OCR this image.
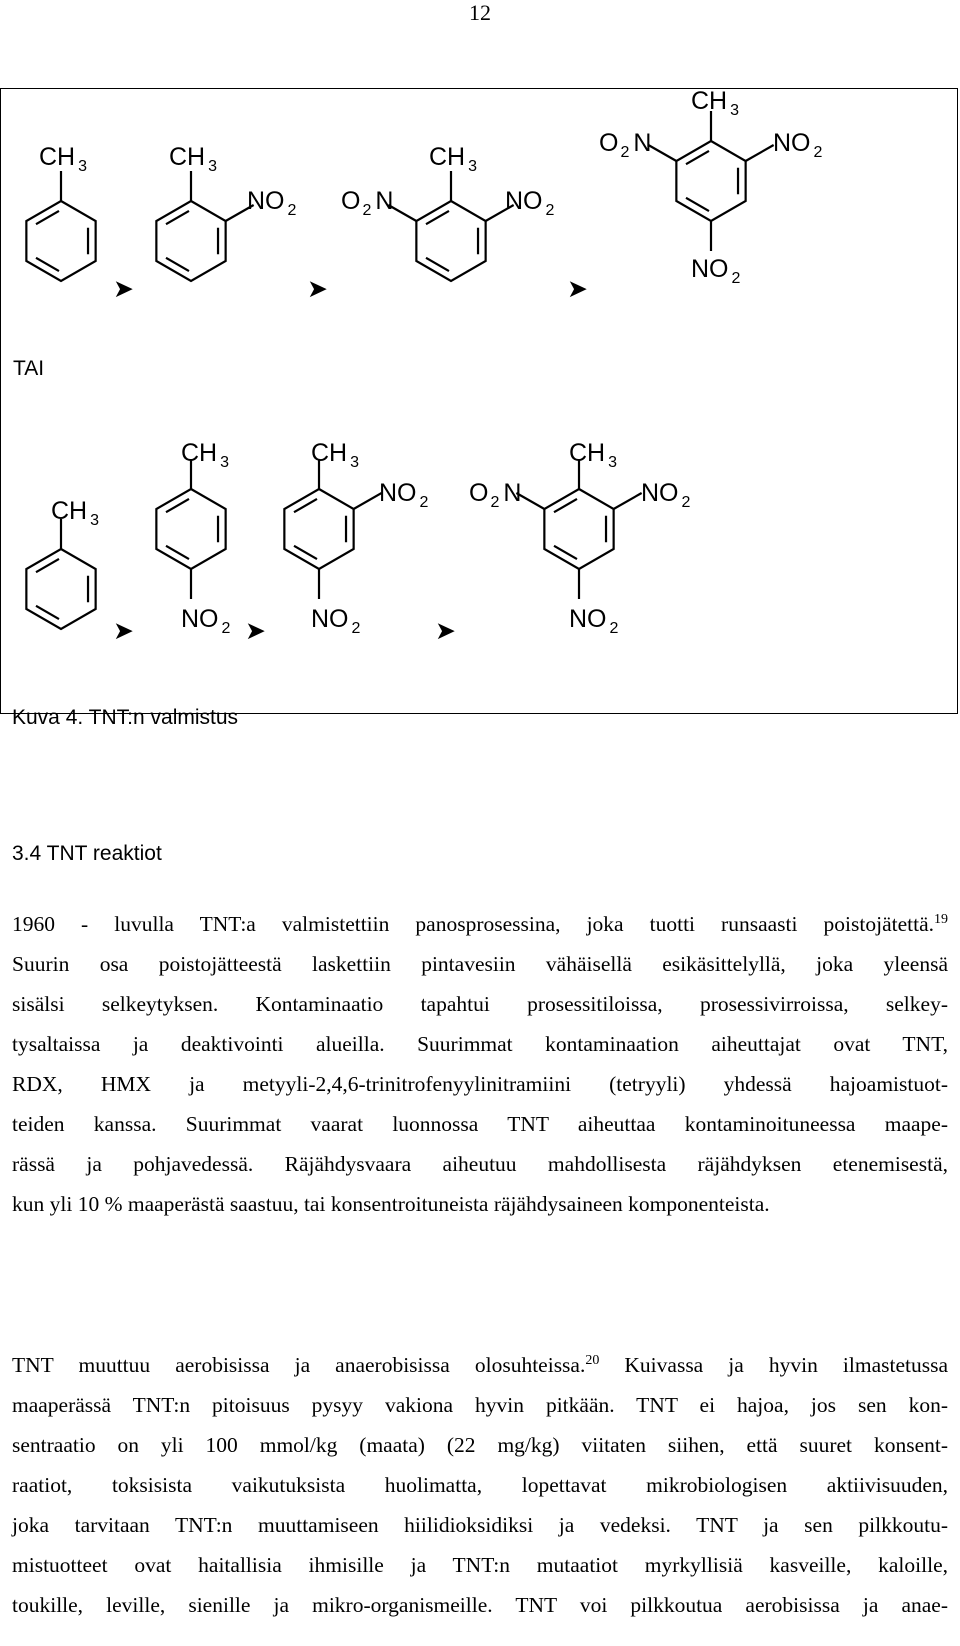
12
CH $_3$
➤
CH $_3$
NO $_2$
➤
CH $_3$
NO $_2$
O $_2$ N
➤
CH $_3$
NO $_2$
O $_2$ N
NO $_2$
CH $_3$
➤
CH $_3$
NO $_2$ ➤
CH $_3$
NO $_2$
NO $_2$	➤
CH $_3$
NO $_2$
O $_2$ N
NO $_2$
TAI
Kuva 4. TNT:n valmistus
3.4 TNT reaktiot
1960 - luvulla TNT:a valmistettiin panosprosessina, joka tuotti runsaasti poistojätettä.$^{19}$
Suurin osa poistojätteestä laskettiin pintavesiin vähäisellä esikäsittelyllä, joka yleensä
sisälsi selkeytyksen. Kontaminaatio tapahtui prosessitiloissa, prosessivirroissa, selkey-
tysaltaissa ja deaktivointi alueilla. Suurimmat kontaminaation aiheuttajat ovat TNT,
RDX, HMX ja metyyli-2,4,6-trinitrofenyylinitramiini (tetryyli) yhdessä hajoamistuot-
teiden kanssa. Suurimmat vaarat luonnossa TNT aiheuttaa kontaminoituneessa maape-
rässä ja pohjavedessä. Räjähdysvaara aiheutuu mahdollisesta räjähdyksen etenemisestä,
kun yli 10 % maaperästä saastuu, tai konsentroituneista räjähdysaineen komponenteista.
TNT muuttuu aerobisissa ja anaerobisissa olosuhteissa.$^{20}$ Kuivassa ja hyvin ilmastetussa
maaperässä TNT:n pitoisuus pysyy vakiona hyvin pitkään. TNT ei hajoa, jos sen kon-
sentraatio on yli 100 mmol/kg (maata) (22 mg/kg) viitaten siihen, että suuret konsent-
raatiot, toksisista vaikutuksista huolimatta, lopettavat mikrobiologisen aktiivisuuden,
joka tarvitaan TNT:n muuttamiseen hiilidioksidiksi ja vedeksi. TNT ja sen pilkkoutu-
mistuotteet ovat haitallisia ihmisille ja TNT:n mutaatiot myrkyllisiä kasveille, kaloille,
toukille, leville, sienille ja mikro-organismeille. TNT voi pilkkoutua aerobisissa ja anae-
